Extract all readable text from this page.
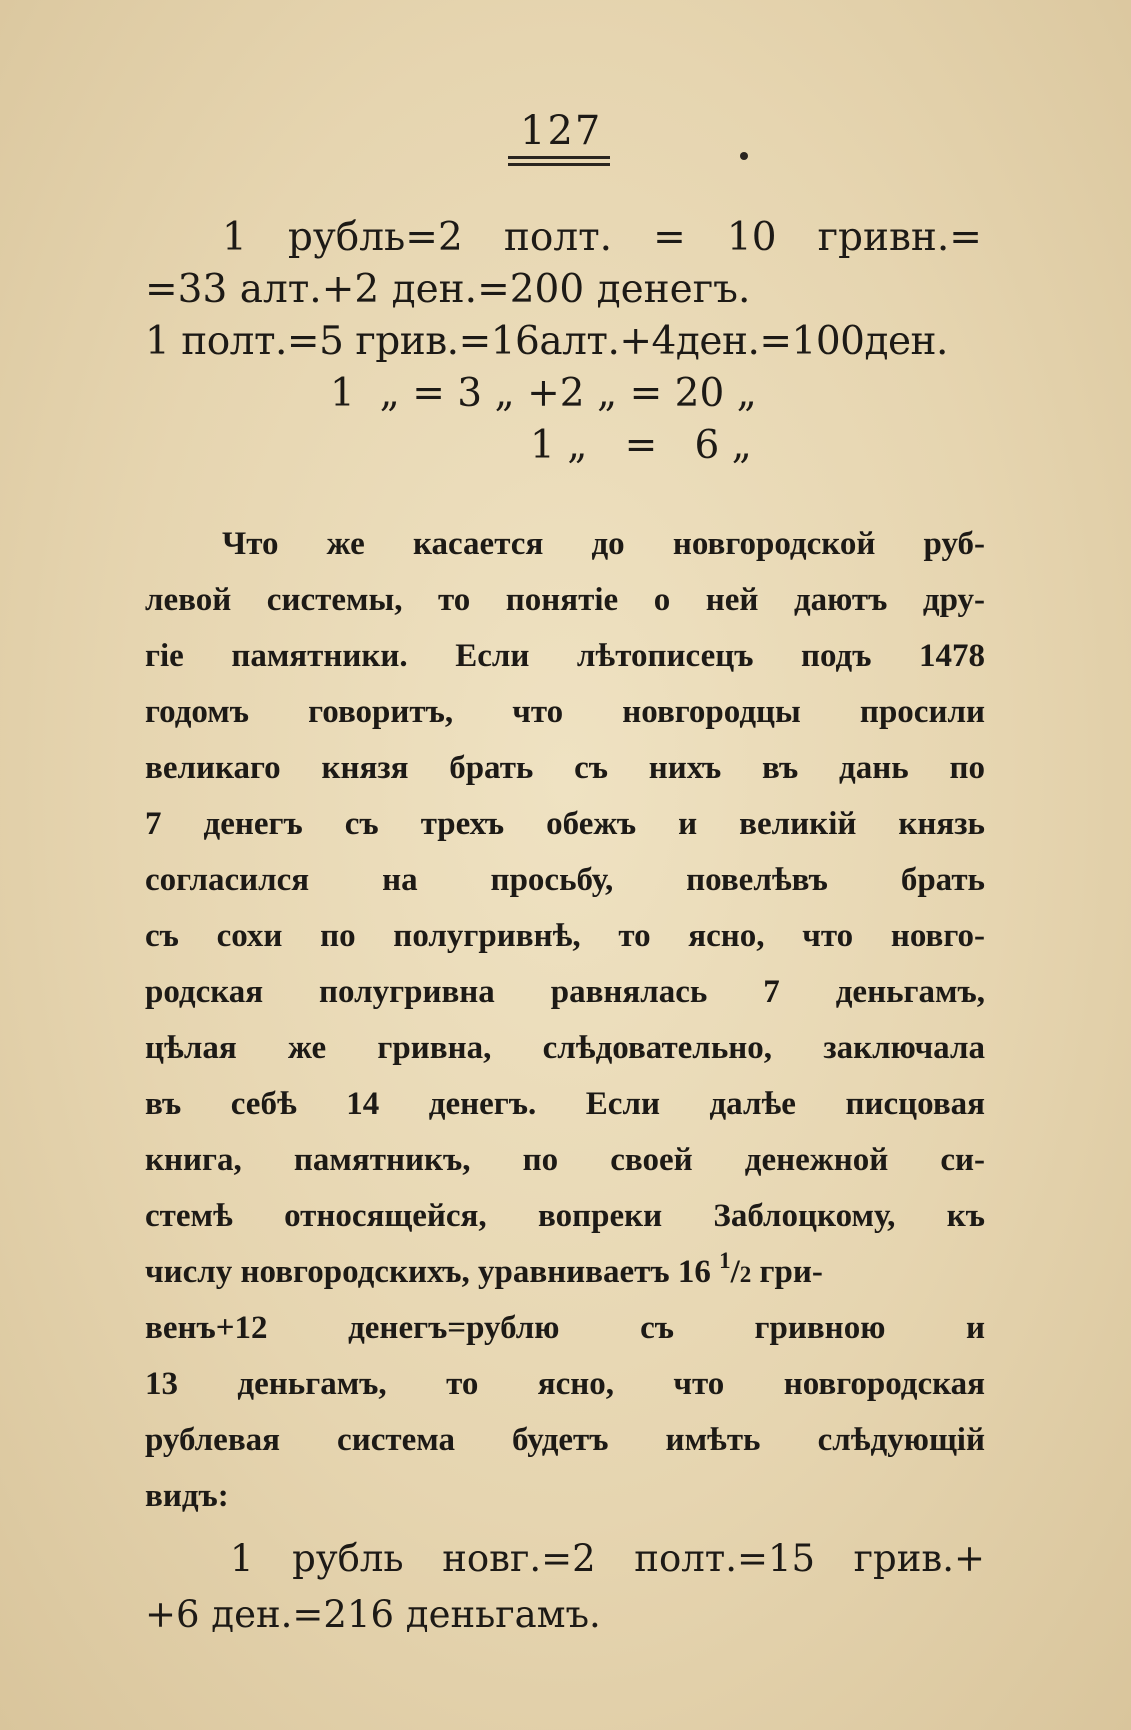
127
1 рубль=2 полт. = 10 гривн.=
=33 алт.+2 ден.=200 денегъ.
1 полт.=5 грив.=16алт.+4ден.=100ден.
1  „ = 3 „ +2 „ = 20 „
1 „   =   6 „
Что же касается до новгородской руб-
левой системы, то понятіе о ней даютъ дру-
гіе памятники. Если лѣтописецъ подъ 1478
годомъ говоритъ, что новгородцы просили
великаго князя брать съ нихъ въ дань по
7 денегъ съ трехъ обежъ и великій князь
согласился на просьбу, повелѣвъ брать
съ сохи по полугривнѣ, то ясно, что новго-
родская полугривна равнялась 7 деньгамъ,
цѣлая же гривна, слѣдовательно, заключала
въ себѣ 14 денегъ. Если далѣе писцовая
книга, памятникъ, по своей денежной си-
стемѣ относящейся, вопреки Заблоцкому, къ
числу новгородскихъ, уравниваетъ 16 $^1$/2 гри-
венъ+12 денегъ=рублю съ гривною и
13 деньгамъ, то ясно, что новгородская
рублевая система будетъ имѣть слѣдующій
видъ:
1 рубль новг.=2 полт.=15 грив.+
+6 ден.=216 деньгамъ.
